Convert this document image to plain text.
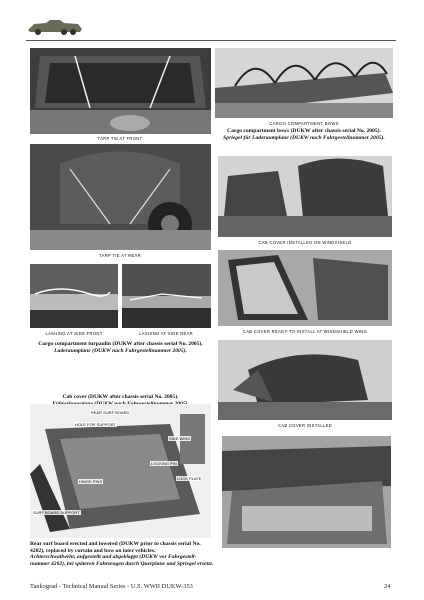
TARP TIE AT FRONT
CARGO COMPARTMENT BOWS
Cargo compartment bows (DUKW after chassis serial No. 2005).
Spriegel für Laderaumplane (DUKW nach Fahrgestellnummer 2005).
TARP TIE AT REAR
CAB COVER INSTALLED ON WINDSHIELD
LASHING AT SIDE FRONT	LASHING AT SIDE REAR
Cargo compartment turpaulin (DUKW after chassis serial No. 2005).
Laderaumplane (DUKW nach Fahrgestellnummer 2005).
CAB COVER READY-TO-INSTALL AT WINDSHIELD WING
CAB COVER INSTALLED
Cab cover (DUKW after chassis serial No. 2005).
REAR SURF BOARD
HOLE FOR SUPPORT
SIDE WING
LOCKING PIN
LOCK PLATE
HINGE PINS
SURF BOARD SUPPORT
Rear surf board erected and lowered (DUKW prior to chassis serial No.
4202), replaced by curtain and bow on later vehicles.
Achterschwallwehr, aufgestellt und abgeklappt (DUKW vor Fahrgestell-
nummer 4202), bei späteren Fahrzeugen durch Querplane und Spriegel ersetzt.
Tankograd - Technical Manual Series - U.S. WWII DUKW-353	24
